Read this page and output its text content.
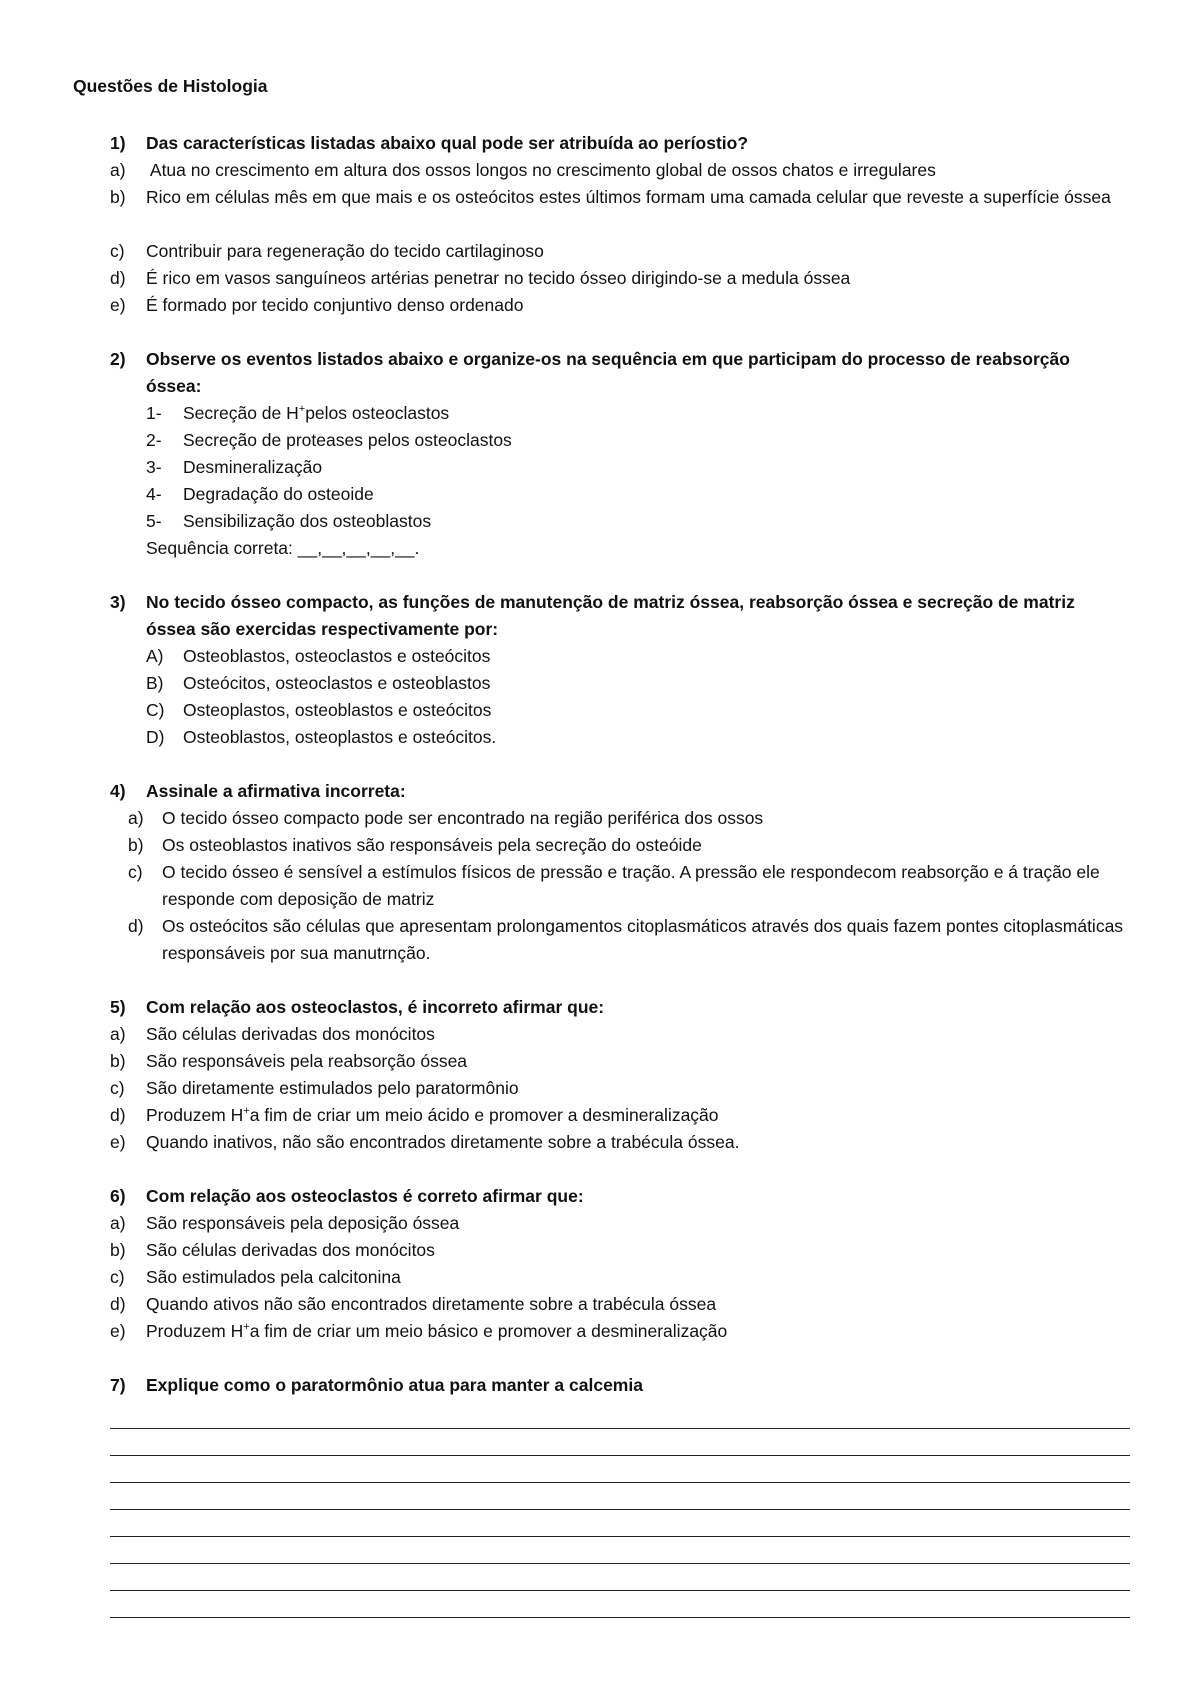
Questões de Histologia
1) Das características listadas abaixo qual pode ser atribuída ao períostio?
a) Atua no crescimento em altura dos ossos longos no crescimento global de ossos chatos e irregulares
b) Rico em células mês em que mais e os osteócitos estes últimos formam uma camada celular que reveste a superfície óssea
c) Contribuir para regeneração do tecido cartilaginoso
d) É rico em vasos sanguíneos artérias penetrar no tecido ósseo dirigindo-se a medula óssea
e) É formado por tecido conjuntivo denso ordenado
2) Observe os eventos listados abaixo e organize-os na sequência em que participam do processo de reabsorção óssea:
1- Secreção de H+pelos osteoclastos
2- Secreção de proteases pelos osteoclastos
3- Desmineralização
4- Degradação do osteoide
5- Sensibilização dos osteoblastos
Sequência correta: __,__,__,__,__.
3) No tecido ósseo compacto, as funções de manutenção de matriz óssea, reabsorção óssea e secreção de matriz óssea são exercidas respectivamente por:
A) Osteoblastos, osteoclastos e osteócitos
B) Osteócitos, osteoclastos e osteoblastos
C) Osteoplastos, osteoblastos e osteócitos
D) Osteoblastos, osteoplastos e osteócitos.
4) Assinale a afirmativa incorreta:
a) O tecido ósseo compacto pode ser encontrado na região periférica dos ossos
b) Os osteoblastos inativos são responsáveis pela secreção do osteóide
c) O tecido ósseo é sensível a estímulos físicos de pressão e tração. A pressão ele respondecom reabsorção e á tração ele responde com deposição de matriz
d) Os osteócitos são células que apresentam prolongamentos citoplasmáticos através dos quais fazem pontes citoplasmáticas responsáveis por sua manutrnção.
5) Com relação aos osteoclastos, é incorreto afirmar que:
a) São células derivadas dos monócitos
b) São responsáveis pela reabsorção óssea
c) São diretamente estimulados pelo paratormônio
d) Produzem H+a fim de criar um meio ácido e promover a desmineralização
e) Quando inativos, não são encontrados diretamente sobre a trabécula óssea.
6) Com relação aos osteoclastos é correto afirmar que:
a) São responsáveis pela deposição óssea
b) São células derivadas dos monócitos
c) São estimulados pela calcitonina
d) Quando ativos não são encontrados diretamente sobre a trabécula óssea
e) Produzem H+a fim de criar um meio básico e promover a desmineralização
7) Explique como o paratormônio atua para manter a calcemia
